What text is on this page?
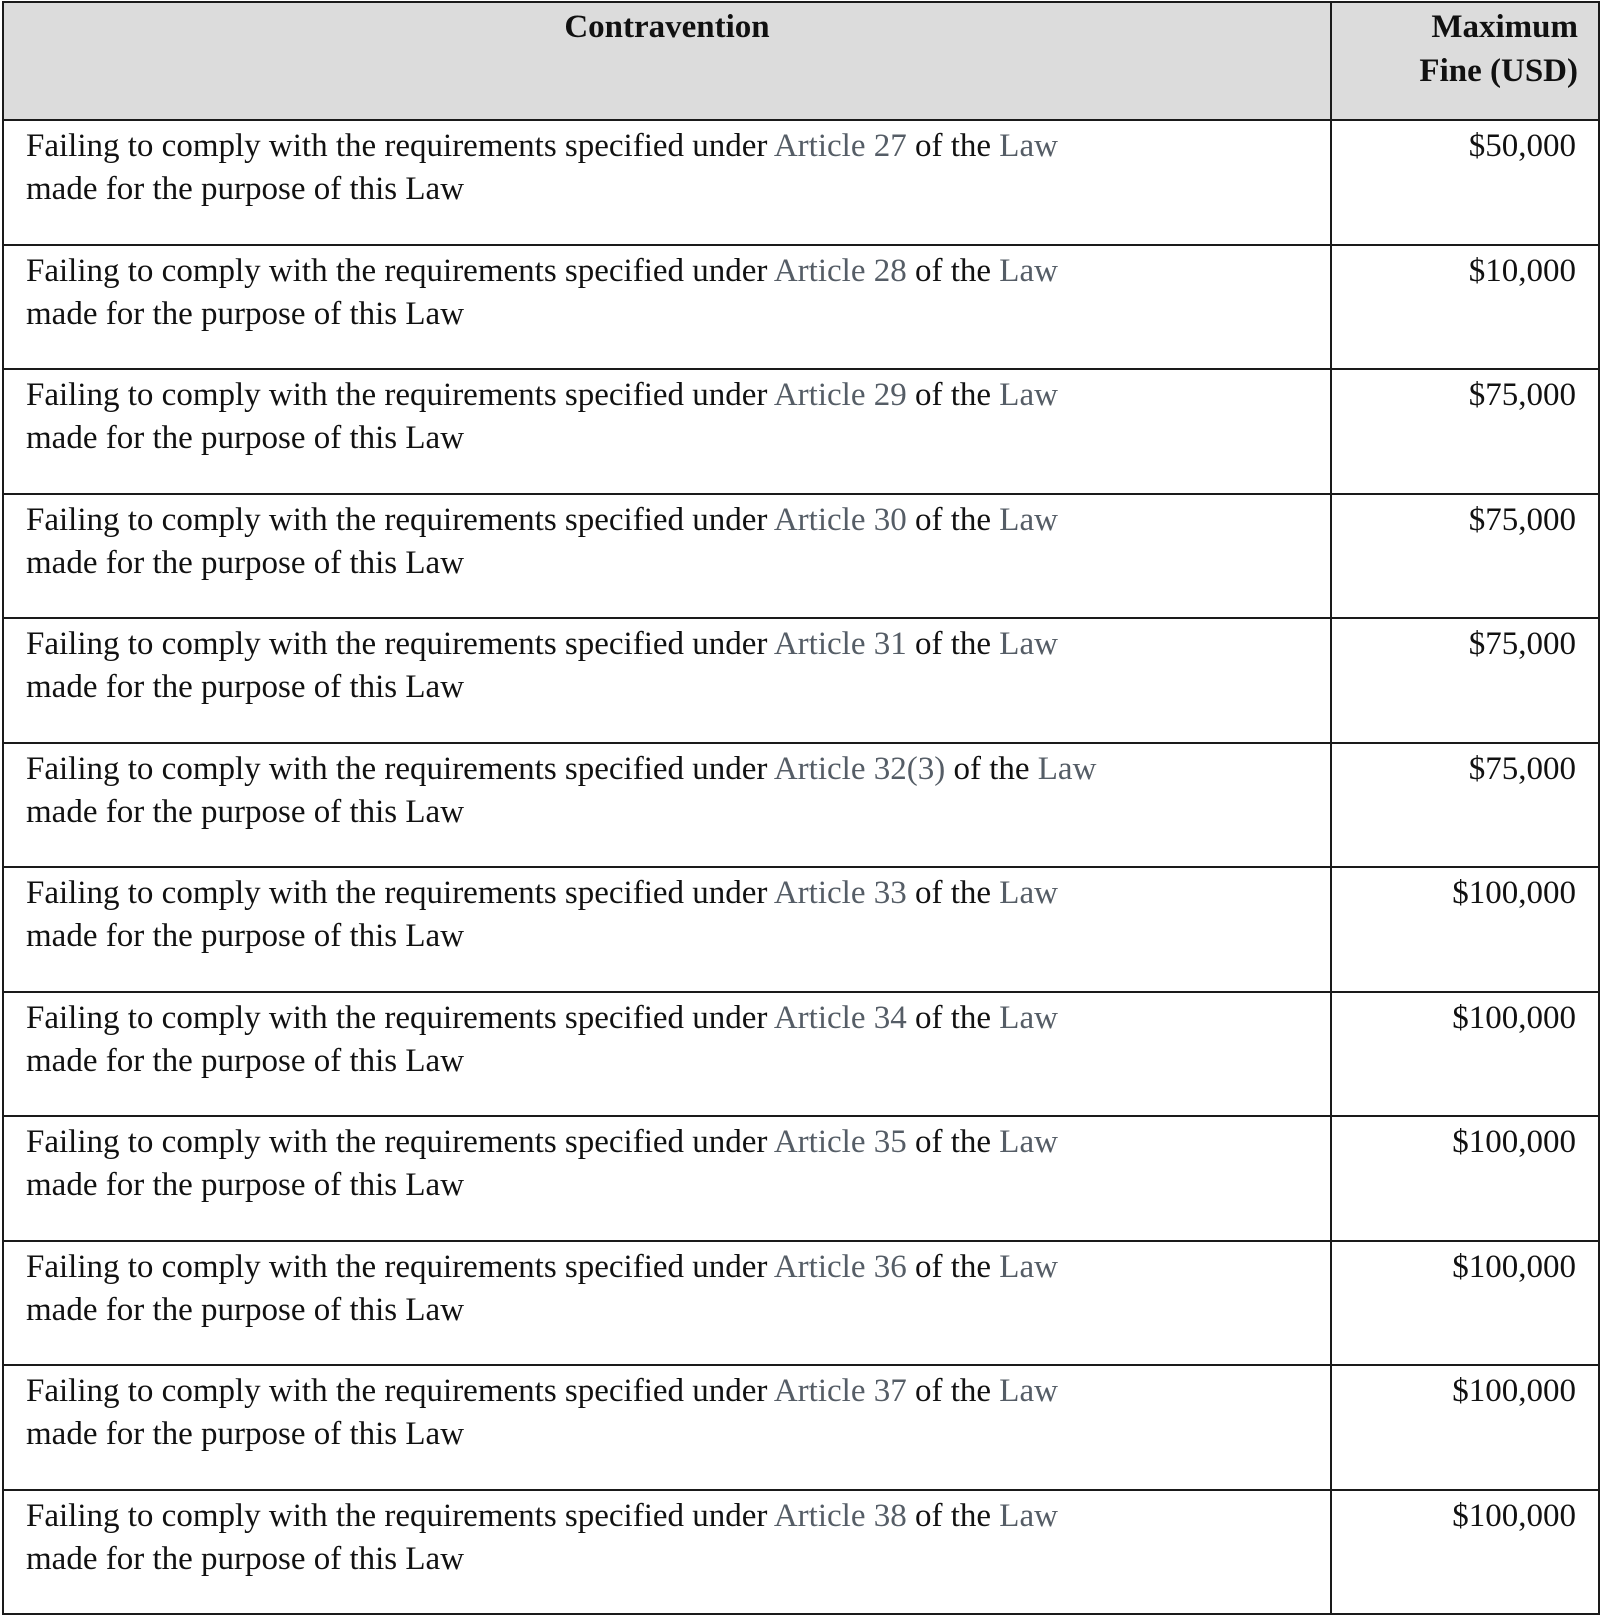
Contravention	Maximum
Fine (USD)
Failing to comply with the requirements specified under Article 27 of the Law
made for the purpose of this Law	$50,000
Failing to comply with the requirements specified under Article 28 of the Law
made for the purpose of this Law	$10,000
Failing to comply with the requirements specified under Article 29 of the Law
made for the purpose of this Law	$75,000
Failing to comply with the requirements specified under Article 30 of the Law
made for the purpose of this Law	$75,000
Failing to comply with the requirements specified under Article 31 of the Law
made for the purpose of this Law	$75,000
Failing to comply with the requirements specified under Article 32(3) of the Law
made for the purpose of this Law	$75,000
Failing to comply with the requirements specified under Article 33 of the Law
made for the purpose of this Law	$100,000
Failing to comply with the requirements specified under Article 34 of the Law
made for the purpose of this Law	$100,000
Failing to comply with the requirements specified under Article 35 of the Law
made for the purpose of this Law	$100,000
Failing to comply with the requirements specified under Article 36 of the Law
made for the purpose of this Law	$100,000
Failing to comply with the requirements specified under Article 37 of the Law
made for the purpose of this Law	$100,000
Failing to comply with the requirements specified under Article 38 of the Law
made for the purpose of this Law	$100,000
